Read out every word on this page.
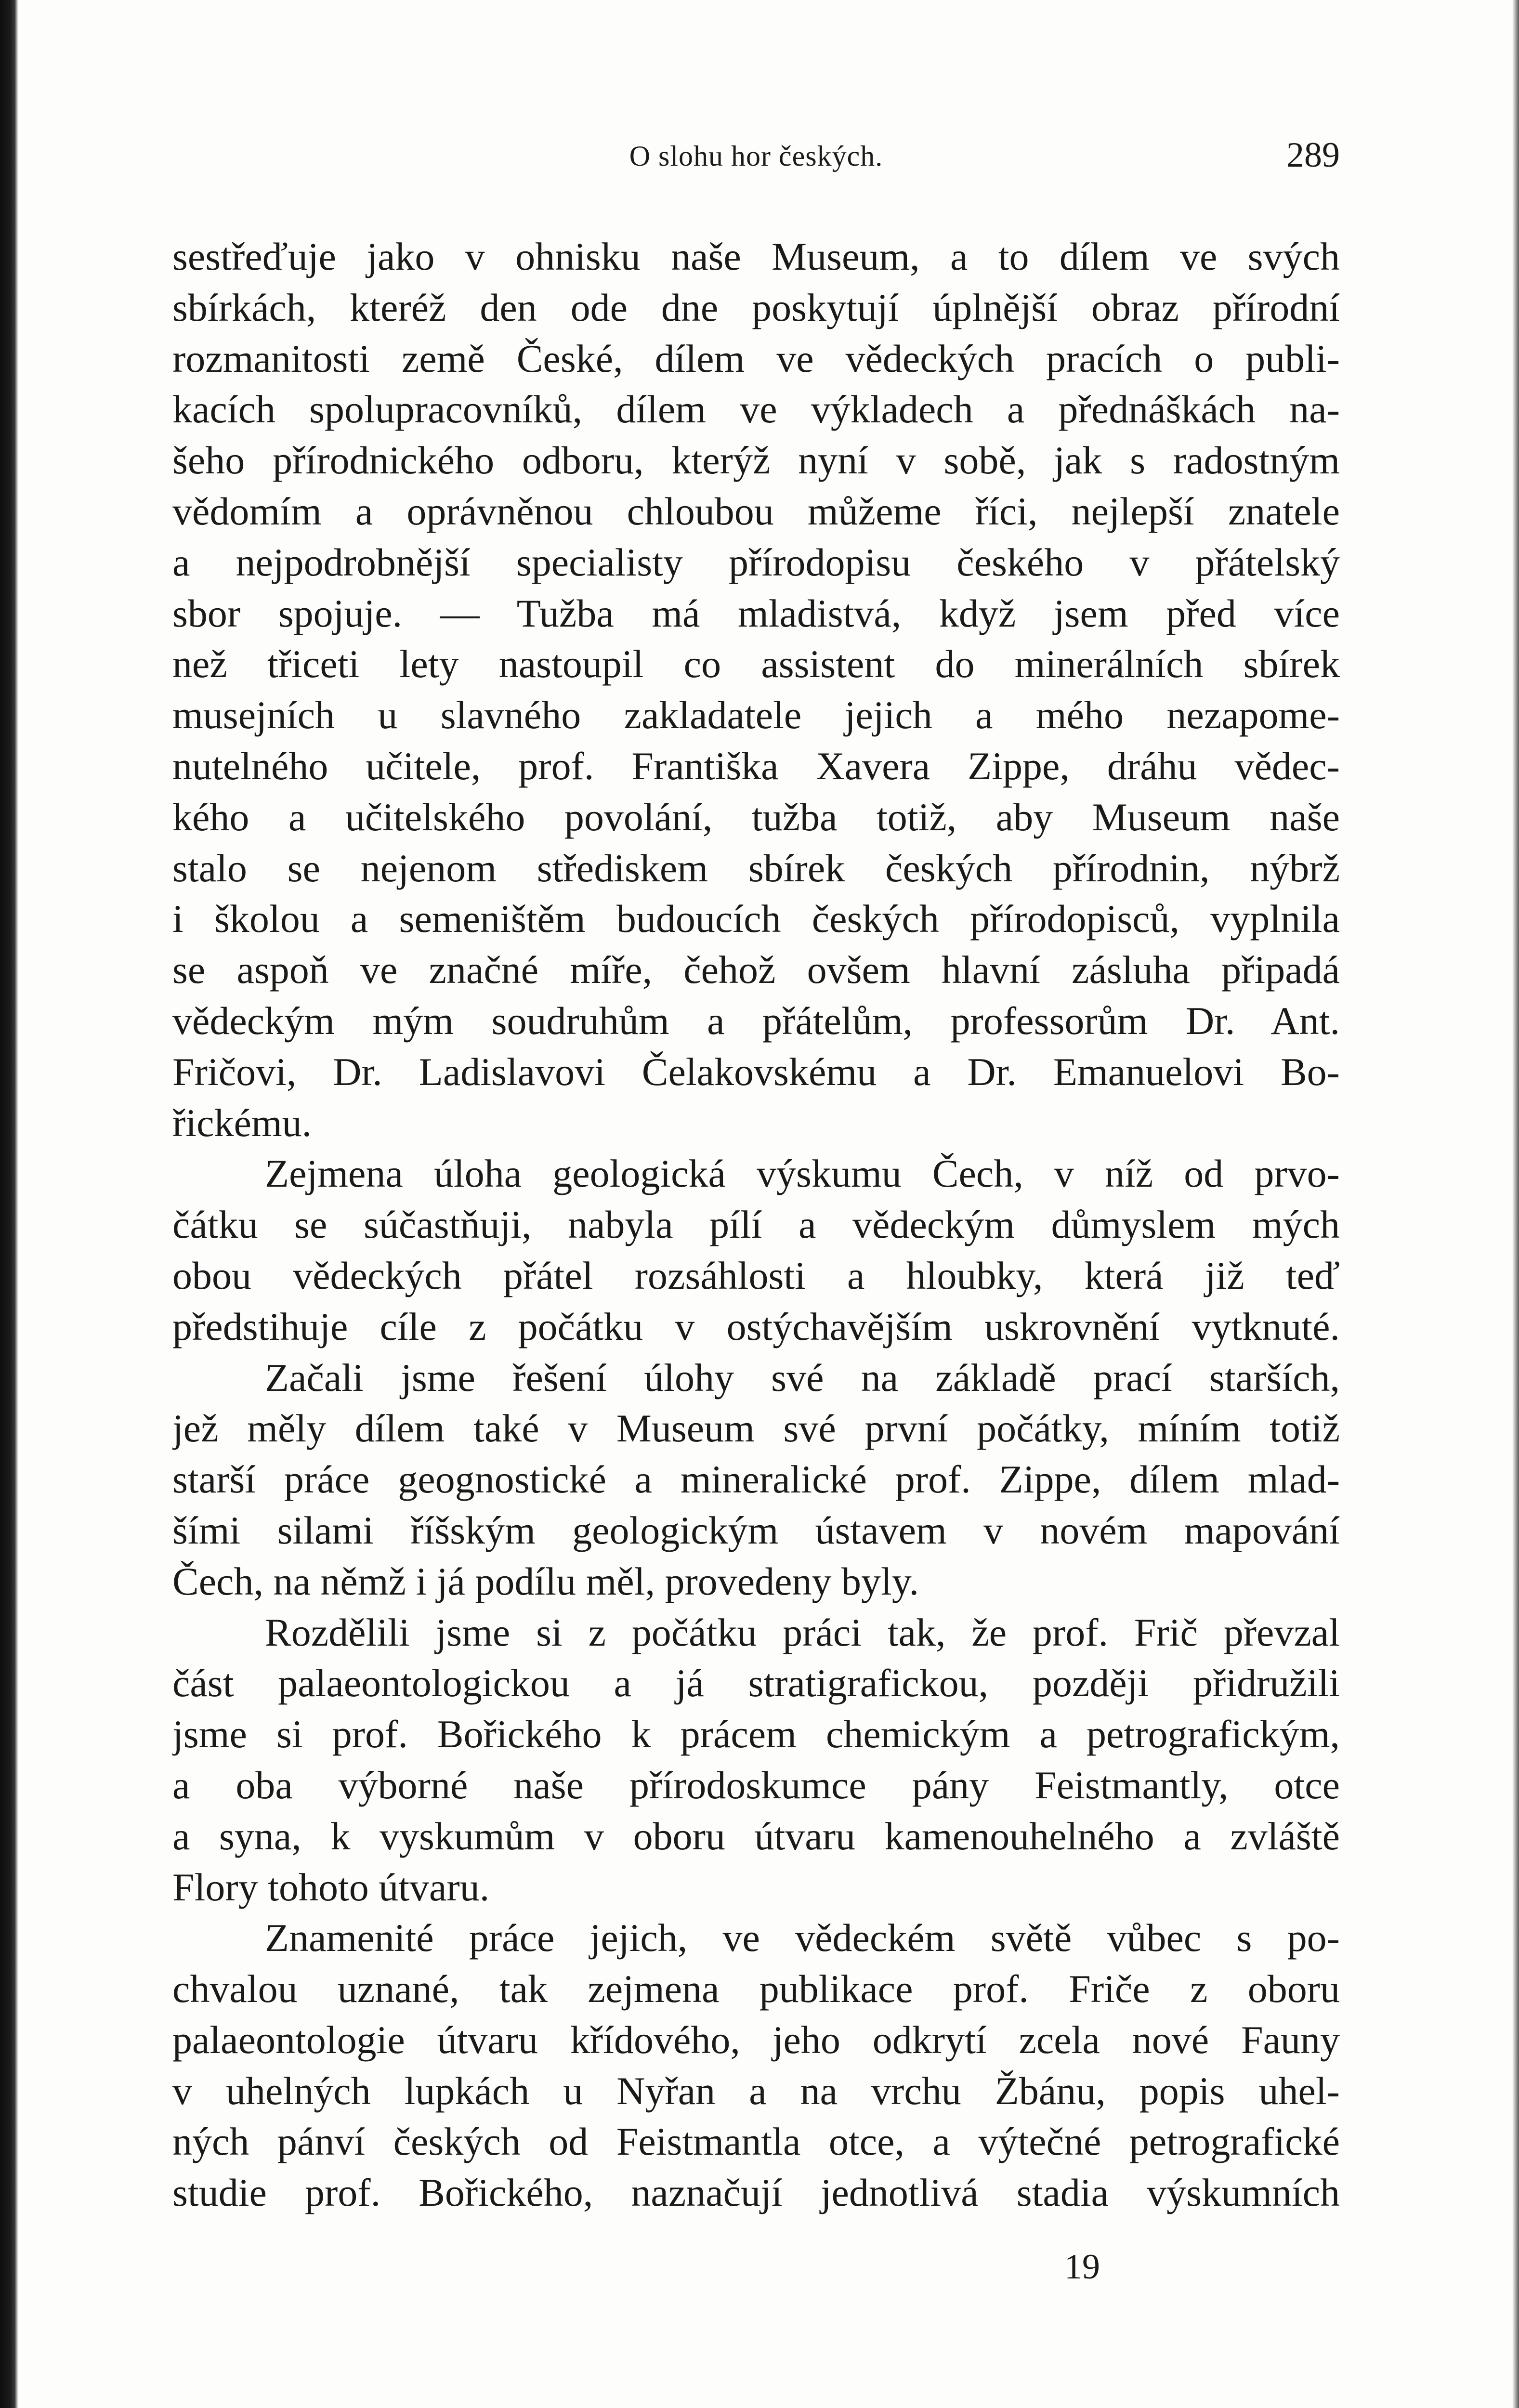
O slohu hor českých.	289
sestřeďuje jako v ohnisku naše Museum, a to dílem ve svých
sbírkách, kteréž den ode dne poskytují úplnější obraz přírodní
rozmanitosti země České, dílem ve vědeckých pracích o publi-
kacích spolupracovníků, dílem ve výkladech a přednáškách na-
šeho přírodnického odboru, kterýž nyní v sobě, jak s radostným
vědomím a oprávněnou chloubou můžeme říci, nejlepší znatele
a nejpodrobnější specialisty přírodopisu českého v přátelský
sbor spojuje. — Tužba má mladistvá, když jsem před více
než třiceti lety nastoupil co assistent do minerálních sbírek
musejních u slavného zakladatele jejich a mého nezapome-
nutelného učitele, prof. Františka Xavera Zippe, dráhu vědec-
kého a učitelského povolání, tužba totiž, aby Museum naše
stalo se nejenom střediskem sbírek českých přírodnin, nýbrž
i školou a semeništěm budoucích českých přírodopisců, vyplnila
se aspoň ve značné míře, čehož ovšem hlavní zásluha připadá
vědeckým mým soudruhům a přátelům, professorům Dr. Ant.
Fričovi, Dr. Ladislavovi Čelakovskému a Dr. Emanuelovi Bo-
řickému.
Zejmena úloha geologická výskumu Čech, v níž od prvo-
čátku se súčastňuji, nabyla pílí a vědeckým důmyslem mých
obou vědeckých přátel rozsáhlosti a hloubky, která již teď
předstihuje cíle z počátku v ostýchavějším uskrovnění vytknuté.
Začali jsme řešení úlohy své na základě prací starších,
jež měly dílem také v Museum své první počátky, míním totiž
starší práce geognostické a mineralické prof. Zippe, dílem mlad-
šími silami říšským geologickým ústavem v novém mapování
Čech, na němž i já podílu měl, provedeny byly.
Rozdělili jsme si z počátku práci tak, že prof. Frič převzal
část palaeontologickou a já stratigrafickou, později přidružili
jsme si prof. Bořického k prácem chemickým a petrografickým,
a oba výborné naše přírodoskumce pány Feistmantly, otce
a syna, k vyskumům v oboru útvaru kamenouhelného a zvláště
Flory tohoto útvaru.
Znamenité práce jejich, ve vědeckém světě vůbec s po-
chvalou uznané, tak zejmena publikace prof. Friče z oboru
palaeontologie útvaru křídového, jeho odkrytí zcela nové Fauny
v uhelných lupkách u Nyřan a na vrchu Žbánu, popis uhel-
ných pánví českých od Feistmantla otce, a výtečné petrografické
studie prof. Bořického, naznačují jednotlivá stadia výskumních
19
